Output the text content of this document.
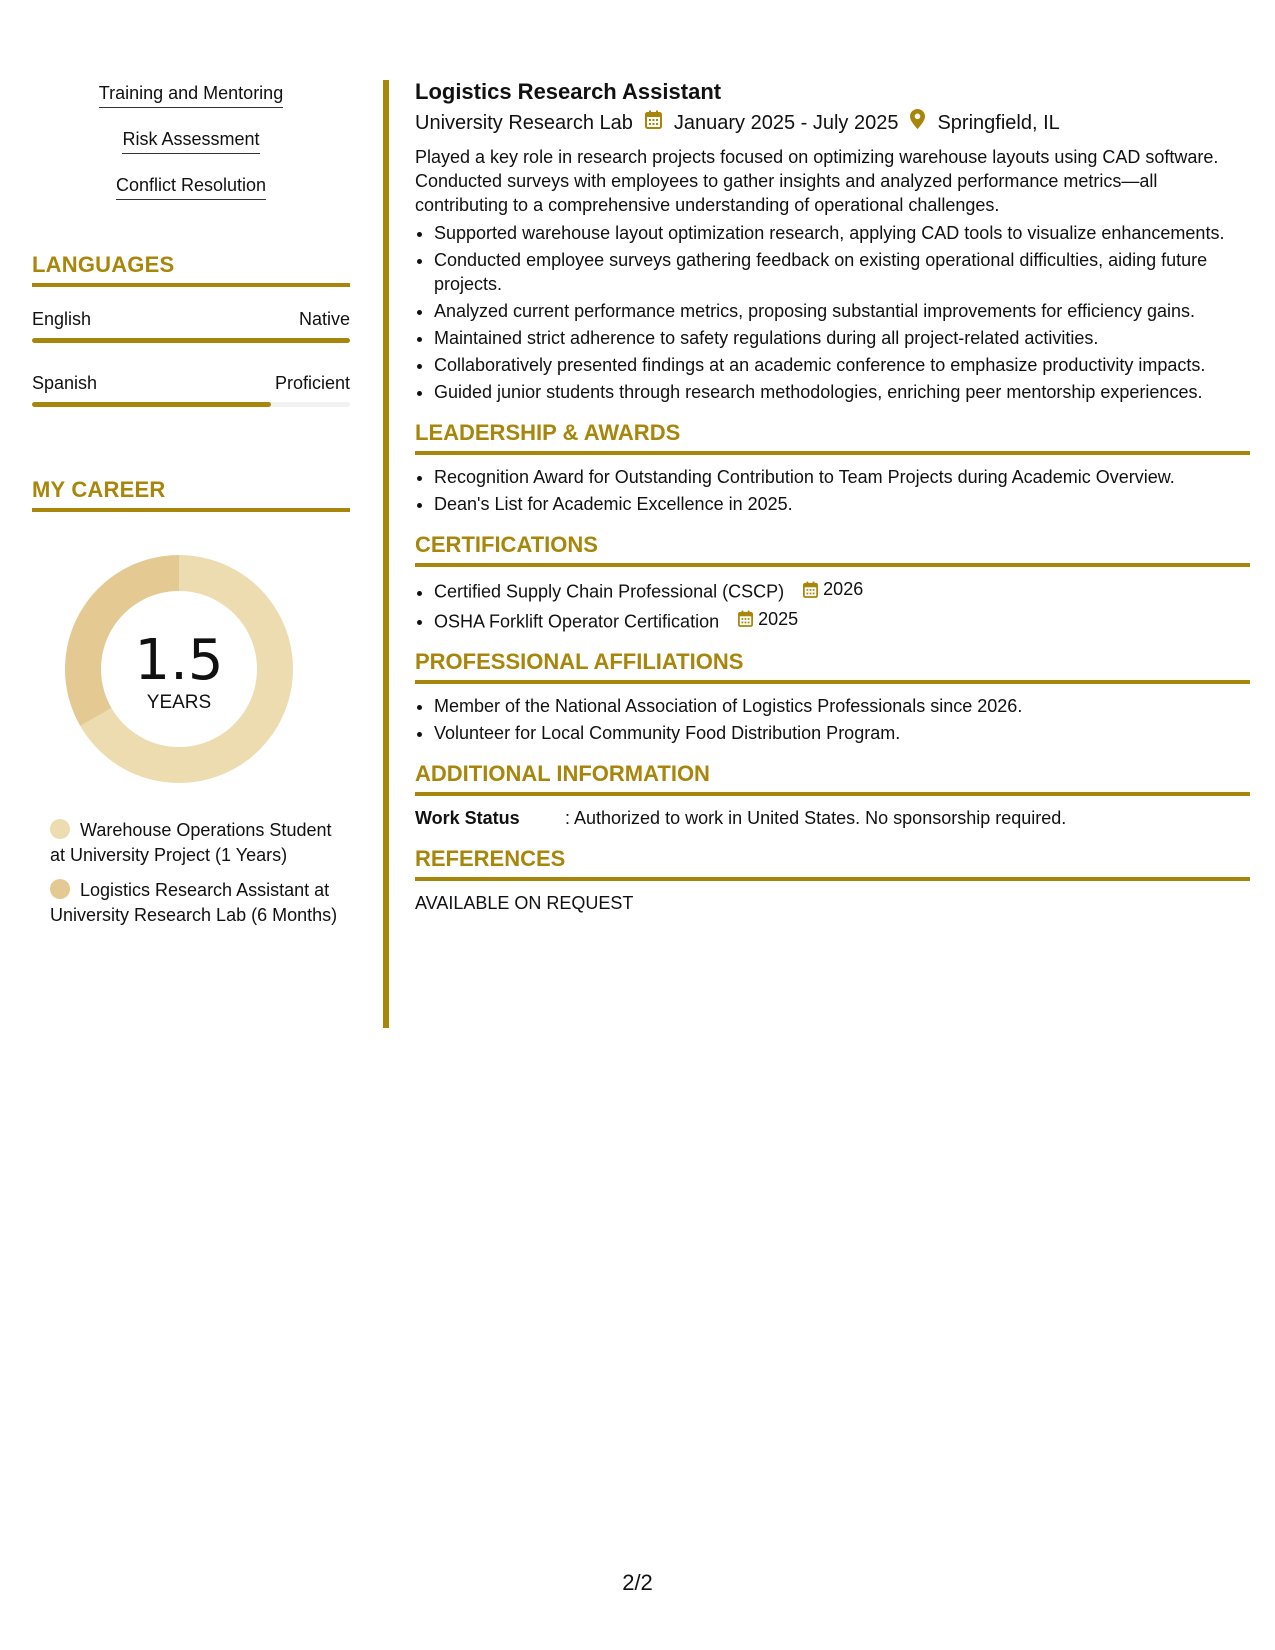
Training and Mentoring
Risk Assessment
Conflict Resolution
LANGUAGES
English	Native
Spanish	Proficient
MY CAREER
1.5
YEARS
Warehouse Operations Student at University Project (1 Years)
Logistics Research Assistant at University Research Lab (6 Months)
Logistics Research Assistant
University Research Lab January 2025 - July 2025 Springfield, IL
Played a key role in research projects focused on optimizing warehouse layouts using CAD software. Conducted surveys with employees to gather insights and analyzed performance metrics—all contributing to a comprehensive understanding of operational challenges.
• Supported warehouse layout optimization research, applying CAD tools to visualize enhancements.
• Conducted employee surveys gathering feedback on existing operational difficulties, aiding future projects.
• Analyzed current performance metrics, proposing substantial improvements for efficiency gains.
• Maintained strict adherence to safety regulations during all project-related activities.
• Collaboratively presented findings at an academic conference to emphasize productivity impacts.
• Guided junior students through research methodologies, enriching peer mentorship experiences.
LEADERSHIP & AWARDS
• Recognition Award for Outstanding Contribution to Team Projects during Academic Overview.
• Dean's List for Academic Excellence in 2025.
CERTIFICATIONS
• Certified Supply Chain Professional (CSCP) 2026
• OSHA Forklift Operator Certification 2025
PROFESSIONAL AFFILIATIONS
• Member of the National Association of Logistics Professionals since 2026.
• Volunteer for Local Community Food Distribution Program.
ADDITIONAL INFORMATION
Work Status	: Authorized to work in United States. No sponsorship required.
REFERENCES
AVAILABLE ON REQUEST
2/2
